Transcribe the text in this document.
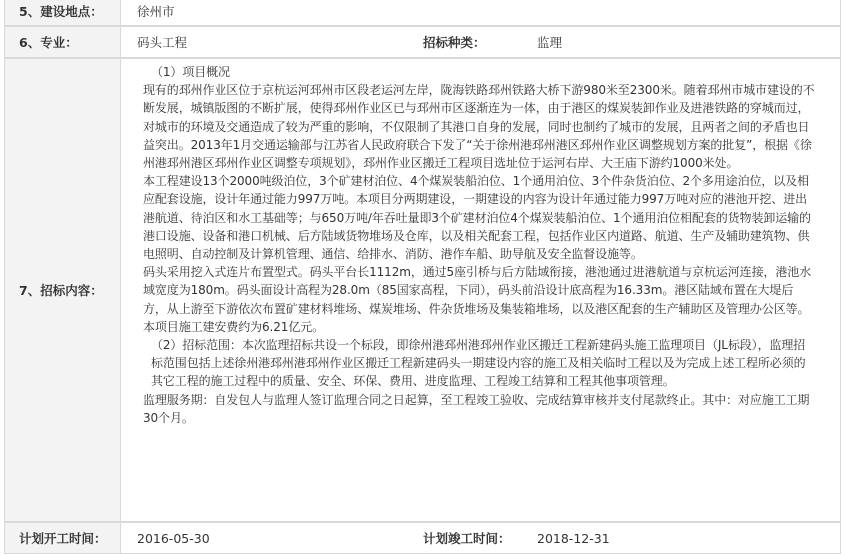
5、建设地点：	徐州市
6、专业：	码头工程	招标种类：	监理
7、招标内容：

（1）项目概况

现有的邳州作业区位于京杭运河邳州市区段老运河左岸，陇海铁路邳州铁路大桥下游980米至2300米。随着邳州市城市建设的不断发展，城镇版图的不断扩展，使得邳州作业区已与邳州市区逐渐连为一体，由于港区的煤炭装卸作业及进港铁路的穿城而过，对城市的环境及交通造成了较为严重的影响，不仅限制了其港口自身的发展，同时也制约了城市的发展，且两者之间的矛盾也日益突出。2013年1月交通运输部与江苏省人民政府联合下发了“关于徐州港邳州港区邳州作业区调整规划方案的批复”，根据《徐州港邳州港区邳州作业区调整专项规划》，邳州作业区搬迁工程项目选址位于运河右岸、大王庙下游约1000米处。

本工程建设13个2000吨级泊位，3个矿建材泊位、4个煤炭装船泊位、1个通用泊位、3个件杂货泊位、2个多用途泊位，以及相应配套设施，设计年通过能力997万吨。本项目分两期建设，一期建设的内容为设计年通过能力997万吨对应的港池开挖、进出港航道、待泊区和水工基础等；与650万吨/年吞吐量即3个矿建材泊位4个煤炭装船泊位、1个通用泊位相配套的货物装卸运输的港口设施、设备和港口机械、后方陆域货物堆场及仓库，以及相关配套工程，包括作业区内道路、航道、生产及辅助建筑物、供电照明、自动控制及计算机管理、通信、给排水、消防、港作车船、助导航及安全监督设施等。

码头采用挖入式连片布置型式。码头平台长1112m，通过5座引桥与后方陆域衔接，港池通过进港航道与京杭运河连接，港池水域宽度为180m。码头面设计高程为28.0m（85国家高程，下同），码头前沿设计底高程为16.33m。港区陆域布置在大堤后方，从上游至下游依次布置矿建材料堆场、煤炭堆场、件杂货堆场及集装箱堆场，以及港区配套的生产辅助区及管理办公区等。

本项目施工建安费约为6.21亿元。

（2）招标范围：本次监理招标共设一个标段，即徐州港邳州港邳州作业区搬迁工程新建码头施工监理项目（JL标段），监理招标范围包括上述徐州港邳州港邳州作业区搬迁工程新建码头一期建设内容的施工及相关临时工程以及为完成上述工程所必须的其它工程的施工过程中的质量、安全、环保、费用、进度监理、工程竣工结算和工程其他事项管理。

监理服务期：自发包人与监理人签订监理合同之日起算，至工程竣工验收、完成结算审核并支付尾款终止。其中：对应施工工期30个月。

计划开工时间：	2016-05-30	计划竣工时间：	2018-12-31
